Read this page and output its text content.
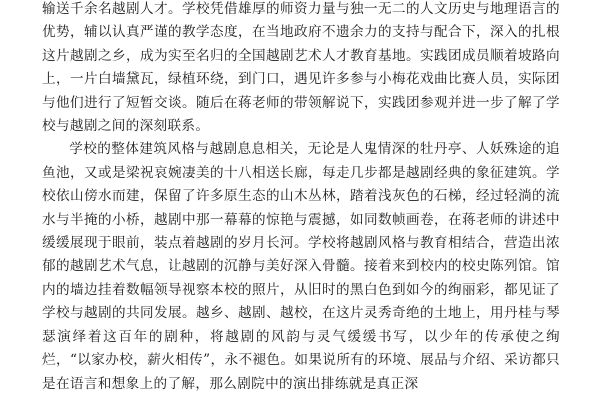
输送千余名越剧人才。学校凭借雄厚的师资力量与独一无二的人文历史与地理语言的优势，辅以认真严谨的教学态度，在当地政府不遗余力的支持与配合下，深入的扎根这片越剧之乡，成为实至名归的全国越剧艺术人才教育基地。实践团成员顺着坡路向上，一片白墙黛瓦，绿植环绕，到门口，遇见许多参与小梅花戏曲比赛人员，实际团与他们进行了短暂交谈。随后在蒋老师的带领解说下，实践团参观并进一步了解了学校与越剧之间的深刻联系。

学校的整体建筑风格与越剧息息相关，无论是人鬼情深的牡丹亭、人妖殊途的追鱼池，又或是梁祝哀婉凄美的十八相送长廊，每走几步都是越剧经典的象征建筑。学校依山傍水而建，保留了许多原生态的山木丛林，踏着浅灰色的石梯，经过轻淌的流水与半掩的小桥，越剧中那一幕幕的惊艳与震撼，如同数帧画卷，在蒋老师的讲述中缓缓展现于眼前，装点着越剧的岁月长河。学校将越剧风格与教育相结合，营造出浓郁的越剧艺术气息，让越剧的沉静与美好深入骨髓。接着来到校内的校史陈列馆。馆内的墙边挂着数幅领导视察本校的照片，从旧时的黑白色到如今的绚丽彩，都见证了学校与越剧的共同发展。越乡、越剧、越校，在这片灵秀奇绝的土地上，用丹桂与琴瑟演绎着这百年的剧种，将越剧的风韵与灵气缓缓书写，以少年的传承使之绚烂，“以家办校，薪火相传”，永不褪色。如果说所有的环境、展品与介绍、采访都只是在语言和想象上的了解，那么剧院中的演出排练就是真正深
